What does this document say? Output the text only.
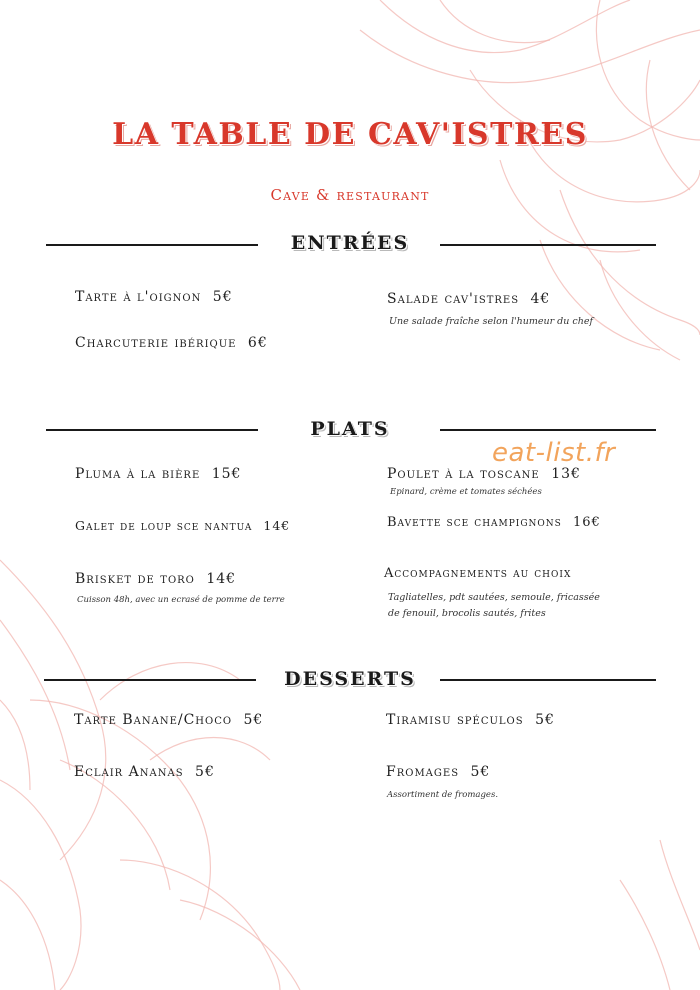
LA TABLE DE CAV'ISTRES
Cave & restaurant
ENTRÉES
Tarte à l'oignon 5€
Charcuterie ibérique 6€
Salade cav'istres 4€
Une salade fraîche selon l'humeur du chef
PLATS
eat-list.fr
Pluma à la bière 15€
Galet de loup sce nantua 14€
Brisket de toro 14€
Cuisson 48h, avec un ecrasé de pomme de terre
Poulet à la toscane 13€
Epinard, crème et tomates séchées
Bavette sce champignons 16€
Accompagnements au choix
Tagliatelles, pdt sautées, semoule, fricassée
de fenouil, brocolis sautés, frites
DESSERTS
Tarte Banane/Choco 5€
Eclair Ananas 5€
Tiramisu spéculos 5€
Fromages 5€
Assortiment de fromages.
